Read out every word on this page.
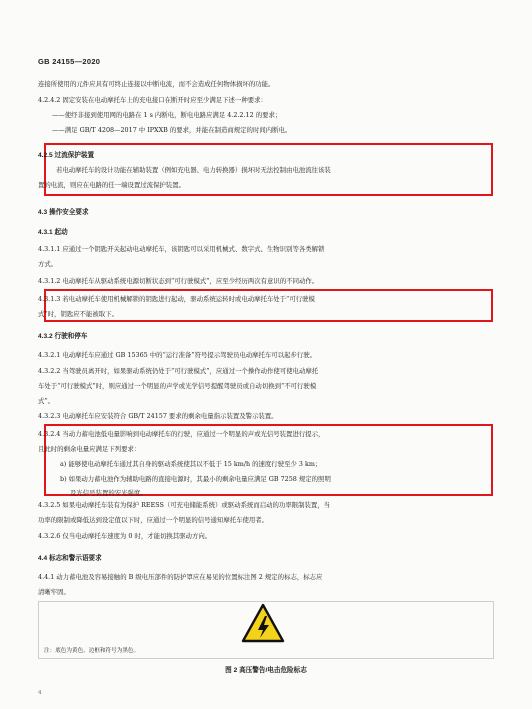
GB 24155—2020
连接所使用的元件应具有可终止连接以中断电流，而不会造成任何物体损坏的功能。
4.2.4.2 固定安装在电动摩托车上的充电接口在断开时应至少满足下述一种要求：
——使纾非接到使用网的电路在 1 s 内断电，断电电路应满足 4.2.2.12 的要求；
——满足 GB/T 4208—2017 中 IPXXB 的要求，并能在制造商规定的时间内断电。
4.2.5 过流保护装置
若电动摩托车的设计功能在辅助装置（例如充电器、电力转换器）损坏时无法控制由电池流往该装
置的电流，则应在电路的任一端设置过流保护装置。
4.3 操作安全要求
4.3.1 起动
4.3.1.1 应通过一个钥匙开关起动电动摩托车，该钥匙可以采用机械式、数字式、生物识别等各类解锁
方式。
4.3.1.2 电动摩托车从驱动系统电源切断状态到“可行驶模式”，应至少经历两次有意识的不同动作。
4.3.1.3 若电动摩托车使用机械解锁的钥匙进行起动，驱动系统运转时或电动摩托车处于“可行驶模
式”时，钥匙应不能被取下。
4.3.2 行驶和停车
4.3.2.1 电动摩托车应通过 GB 15365 中的“运行准备”符号提示驾驶员电动摩托车可以起步行驶。
4.3.2.2 当驾驶员离开时，如果驱动系统仍处于“可行驶模式”，应通过一个操作动作使可使电动摩托
车处于“可行驶模式”时，则应通过一个明显的声学或光学信号提醒驾驶员或自动切换到“不可行驶模
式”。
4.3.2.3 电动摩托车应安装符合 GB/T 24157 要求的剩余电量指示装置及警示装置。
4.3.2.4 当动力蓄电池低电量影响到电动摩托车的行驶，应通过一个明显的声或光信号装置进行提示，
且此时的剩余电量应满足下列要求：
a) 能够使电动摩托车通过其自身的驱动系统使其以不低于 15 km/h 的速度行驶至少 3 km；
b) 如果动力蓄电池作为辅助电路的直接电源时，其最小的剩余电量应满足 GB 7258 规定的照明
及光信号装置的安光强度。
4.3.2.5 如果电动摩托车装有为保护 REESS（可充电储能系统）或驱动系统而启动的功率限制装置，当
功率的限制或降低达到设定值以下时，应通过一个明显的信号通知摩托车使用者。
4.3.2.6 仅当电动摩托车速度为 0 时，才能切换其驱动方向。
4.4 标志和警示语要求
4.4.1 动力蓄电池及容易接触的 B 级电压部件的防护罩应在易见的位置标注图 2 规定的标志，标志应
清晰牢固。
注：底色为黄色，边框和符号为黑色。
图 2 高压警告/电击危险标志
4
